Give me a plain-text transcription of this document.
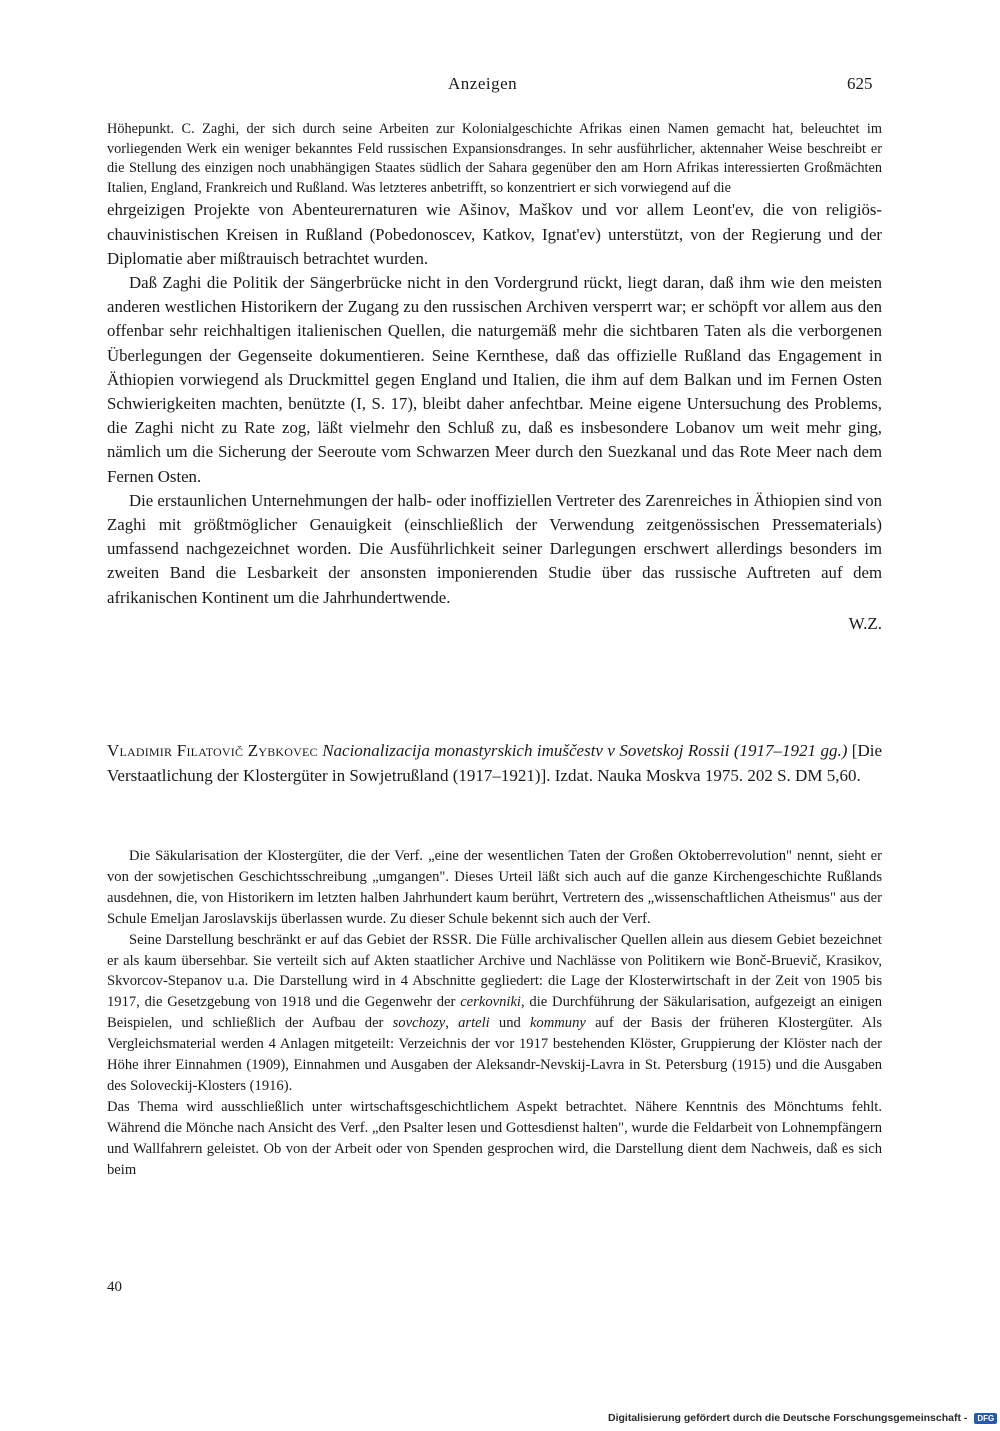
Anzeigen	625

Höhepunkt. C. Zaghi, der sich durch seine Arbeiten zur Kolonialgeschichte Afrikas einen Namen gemacht hat, beleuchtet im vorliegenden Werk ein weniger bekanntes Feld russischen Expansionsdranges. In sehr ausführlicher, aktennaher Weise beschreibt er die Stellung des einzigen noch unabhängigen Staates südlich der Sahara gegenüber den am Horn Afrikas interessierten Großmächten Italien, England, Frankreich und Rußland. Was letzteres anbetrifft, so konzentriert er sich vorwiegend auf die

ehrgeizigen Projekte von Abenteurernaturen wie Ašinov, Maškov und vor allem Leont'ev, die von religiös-chauvinistischen Kreisen in Rußland (Pobedonoscev, Katkov, Ignat'ev) unterstützt, von der Regierung und der Diplomatie aber mißtrauisch betrachtet wurden.

Daß Zaghi die Politik der Sängerbrücke nicht in den Vordergrund rückt, liegt daran, daß ihm wie den meisten anderen westlichen Historikern der Zugang zu den russischen Archiven versperrt war; er schöpft vor allem aus den offenbar sehr reichhaltigen italienischen Quellen, die naturgemäß mehr die sichtbaren Taten als die verborgenen Überlegungen der Gegenseite dokumentieren. Seine Kernthese, daß das offizielle Rußland das Engagement in Äthiopien vorwiegend als Druckmittel gegen England und Italien, die ihm auf dem Balkan und im Fernen Osten Schwierigkeiten machten, benützte (I, S. 17), bleibt daher anfechtbar. Meine eigene Untersuchung des Problems, die Zaghi nicht zu Rate zog, läßt vielmehr den Schluß zu, daß es insbesondere Lobanov um weit mehr ging, nämlich um die Sicherung der Seeroute vom Schwarzen Meer durch den Suezkanal und das Rote Meer nach dem Fernen Osten.

Die erstaunlichen Unternehmungen der halb- oder inoffiziellen Vertreter des Zarenreiches in Äthiopien sind von Zaghi mit größtmöglicher Genauigkeit (einschließlich der Verwendung zeitgenössischen Pressematerials) umfassend nachgezeichnet worden. Die Ausführlichkeit seiner Darlegungen erschwert allerdings besonders im zweiten Band die Lesbarkeit der ansonsten imponierenden Studie über das russische Auftreten auf dem afrikanischen Kontinent um die Jahrhundertwende.

W.Z.
Vladimir Filatovič Zybkovec Nacionalizacija monastyrskich imuščestv v Sovetskoj Rossii (1917–1921 gg.) [Die Verstaatlichung der Klostergüter in Sowjetrußland (1917–1921)]. Izdat. Nauka Moskva 1975. 202 S. DM 5,60.

Die Säkularisation der Klostergüter, die der Verf. „eine der wesentlichen Taten der Großen Oktoberrevolution" nennt, sieht er von der sowjetischen Geschichtsschreibung „umgangen". Dieses Urteil läßt sich auch auf die ganze Kirchengeschichte Rußlands ausdehnen, die, von Historikern im letzten halben Jahrhundert kaum berührt, Vertretern des „wissenschaftlichen Atheismus" aus der Schule Emeljan Jaroslavskijs überlassen wurde. Zu dieser Schule bekennt sich auch der Verf.

Seine Darstellung beschränkt er auf das Gebiet der RSSR. Die Fülle archivalischer Quellen allein aus diesem Gebiet bezeichnet er als kaum übersehbar. Sie verteilt sich auf Akten staatlicher Archive und Nachlässe von Politikern wie Bonč-Bruevič, Krasikov, Skvorcov-Stepanov u.a. Die Darstellung wird in 4 Abschnitte gegliedert: die Lage der Klosterwirtschaft in der Zeit von 1905 bis 1917, die Gesetzgebung von 1918 und die Gegenwehr der cerkovniki, die Durchführung der Säkularisation, aufgezeigt an einigen Beispielen, und schließlich der Aufbau der sovchozy, arteli und kommuny auf der Basis der früheren Klostergüter. Als Vergleichsmaterial werden 4 Anlagen mitgeteilt: Verzeichnis der vor 1917 bestehenden Klöster, Gruppierung der Klöster nach der Höhe ihrer Einnahmen (1909), Einnahmen und Ausgaben der Aleksandr-Nevskij-Lavra in St. Petersburg (1915) und die Ausgaben des Soloveckij-Klosters (1916).

Das Thema wird ausschließlich unter wirtschaftsgeschichtlichem Aspekt betrachtet. Nähere Kenntnis des Mönchtums fehlt. Während die Mönche nach Ansicht des Verf. „den Psalter lesen und Gottesdienst halten", wurde die Feldarbeit von Lohnempfängern und Wallfahrern geleistet. Ob von der Arbeit oder von Spenden gesprochen wird, die Darstellung dient dem Nachweis, daß es sich beim

40
Digitalisierung gefördert durch die Deutsche Forschungsgemeinschaft - DFG
